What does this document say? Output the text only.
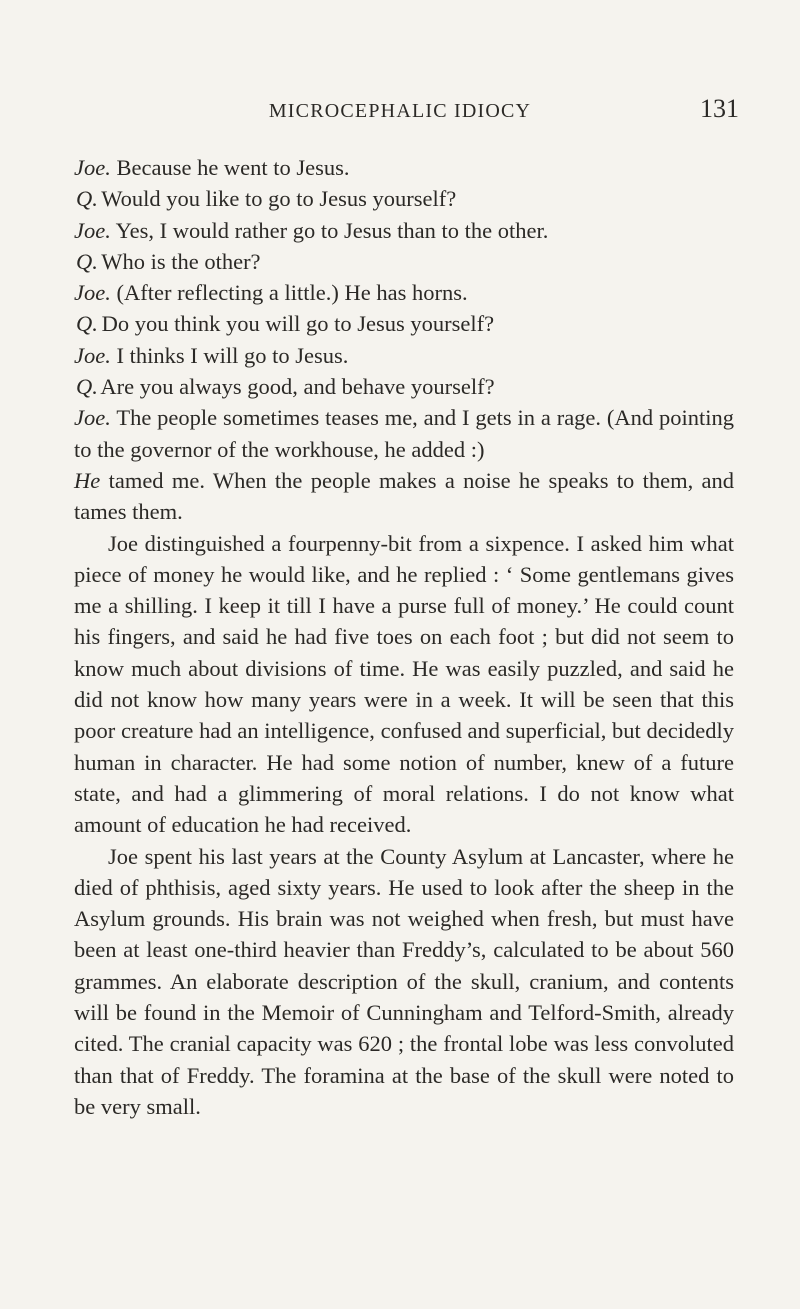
MICROCEPHALIC IDIOCY	131

Joe. Because he went to Jesus.

Q. Would you like to go to Jesus yourself?

Joe. Yes, I would rather go to Jesus than to the other.

Q. Who is the other?

Joe. (After reflecting a little.) He has horns.

Q. Do you think you will go to Jesus yourself?

Joe. I thinks I will go to Jesus.

Q. Are you always good, and behave yourself?

Joe. The people sometimes teases me, and I gets in a rage. (And pointing to the governor of the workhouse, he added :)
He tamed me. When the people makes a noise he speaks to them, and tames them.

Joe distinguished a fourpenny-bit from a sixpence. I asked him what piece of money he would like, and he replied : ‘ Some gentlemans gives me a shilling. I keep it till I have a purse full of money.’ He could count his fingers, and said he had five toes on each foot ; but did not seem to know much about divisions of time. He was easily puzzled, and said he did not know how many years were in a week. It will be seen that this poor creature had an intelligence, confused and superficial, but decidedly human in character. He had some notion of number, knew of a future state, and had a glimmering of moral relations. I do not know what amount of education he had received.

Joe spent his last years at the County Asylum at Lancaster, where he died of phthisis, aged sixty years. He used to look after the sheep in the Asylum grounds. His brain was not weighed when fresh, but must have been at least one-third heavier than Freddy’s, calculated to be about 560 grammes. An elaborate description of the skull, cranium, and contents will be found in the Memoir of Cunningham and Telford-Smith, already cited. The cranial capacity was 620 ; the frontal lobe was less convoluted than that of Freddy. The foramina at the base of the skull were noted to be very small.
